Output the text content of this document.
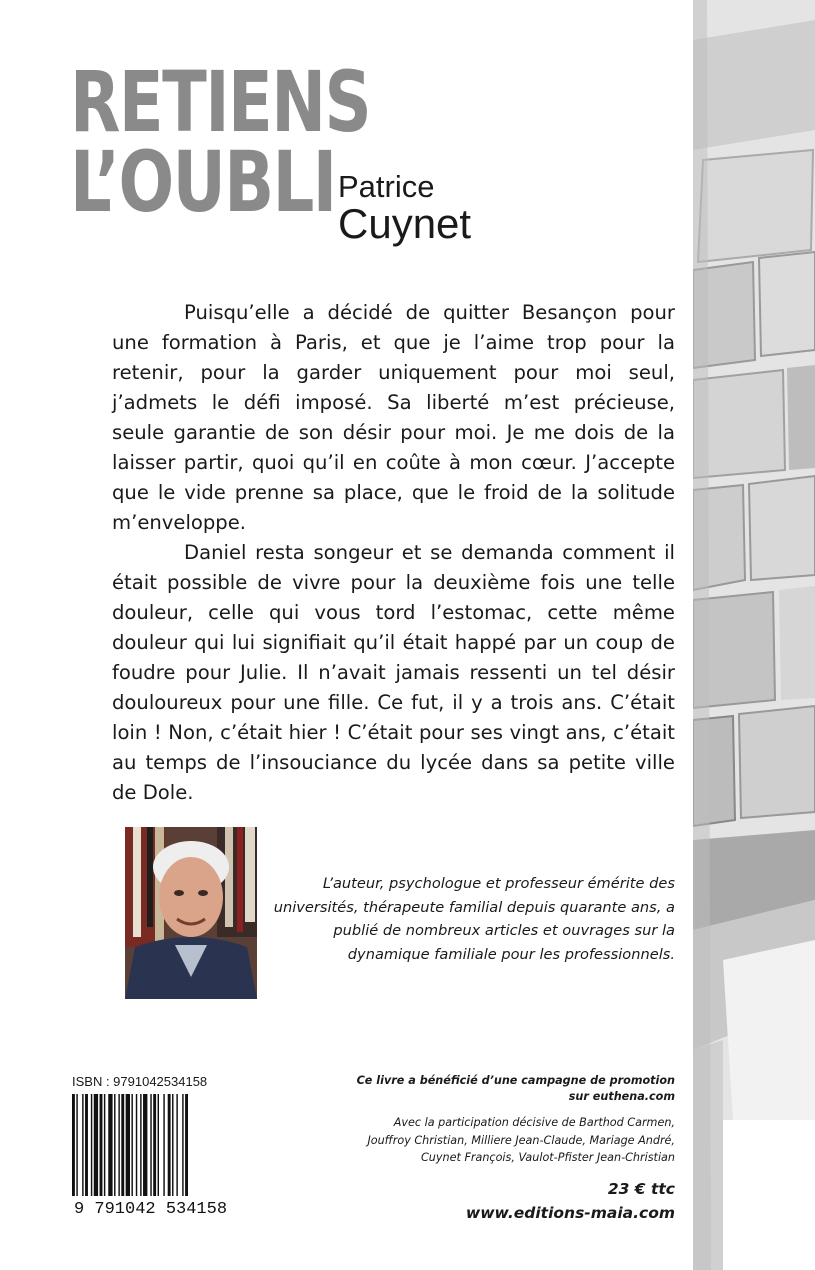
RETIENS
L’OUBLI Patrice
Cuynet

Puisqu’elle a décidé de quitter Besançon pour une formation à Paris, et que je l’aime trop pour la retenir, pour la garder uniquement pour moi seul, j’admets le défi imposé. Sa liberté m’est précieuse, seule garantie de son désir pour moi. Je me dois de la laisser partir, quoi qu’il en coûte à mon cœur. J’accepte que le vide prenne sa place, que le froid de la solitude m’enveloppe.

Daniel resta songeur et se demanda comment il était possible de vivre pour la deuxième fois une telle douleur, celle qui vous tord l’estomac, cette même douleur qui lui signifiait qu’il était happé par un coup de foudre pour Julie. Il n’avait jamais ressenti un tel désir douloureux pour une fille. Ce fut, il y a trois ans. C’était loin ! Non, c’était hier ! C’était pour ses vingt ans, c’était au temps de l’insouciance du lycée dans sa petite ville de Dole.

L’auteur, psychologue et professeur émérite des universités, thérapeute familial depuis quarante ans, a publié de nombreux articles et ouvrages sur la dynamique familiale pour les professionnels.
ISBN : 9791042534158
9 791042 534158
Ce livre a bénéficié d’une campagne de promotion
sur euthena.com
Avec la participation décisive de Barthod Carmen,
Jouffroy Christian, Milliere Jean-Claude, Mariage André,
Cuynet François, Vaulot-Pfister Jean-Christian
23 € ttc
www.editions-maia.com
